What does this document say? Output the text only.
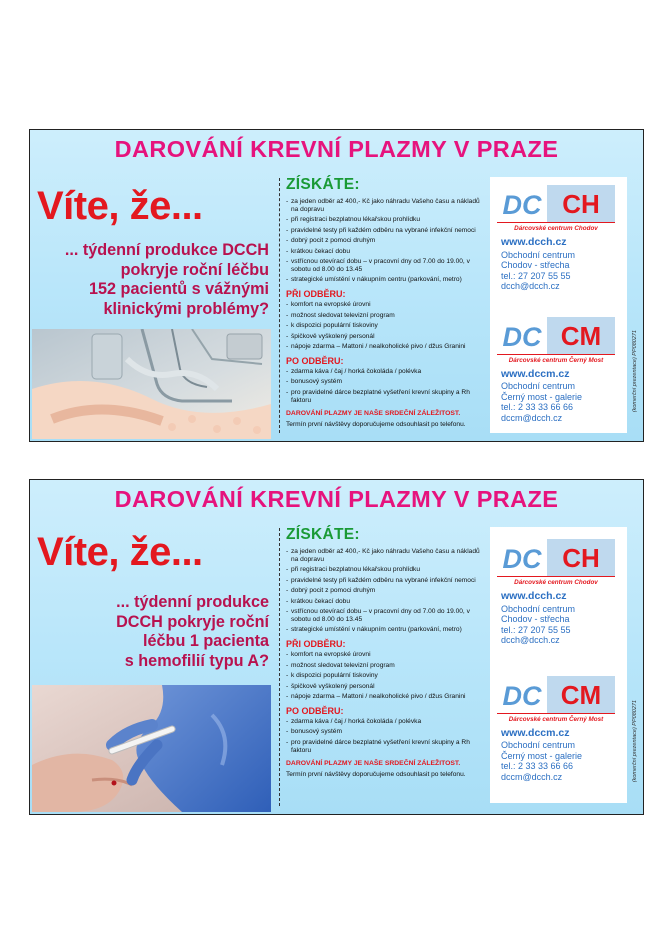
DAROVÁNÍ KREVNÍ PLAZMY V PRAZE
Víte, že...
... týdenní produkce DCCH
pokryje roční léčbu
152 pacientů s vážnými
klinickými problémy?
ZÍSKÁTE:
- za jeden odběr až 400,- Kč jako náhradu Vašeho času a nákladů na dopravu
- při registraci bezplatnou lékařskou prohlídku
- pravidelné testy při každém odběru na vybrané infekční nemoci
- dobrý pocit z pomoci druhým
- krátkou čekací dobu
- vstřícnou otevírací dobu – v pracovní dny od 7.00 do 19.00, v sobotu od 8.00 do 13.45
- strategické umístění v nákupním centru (parkování, metro)
PŘI ODBĚRU:
- komfort na evropské úrovni
- možnost sledovat televizní program
- k dispozici populární tiskoviny
- špičkově vyškolený personál
- nápoje zdarma – Mattoni / nealkoholické pivo / džus Granini
PO ODBĚRU:
- zdarma káva / čaj / horká čokoláda / polévka
- bonusový systém
- pro pravidelné dárce bezplatné vyšetření krevní skupiny a Rh faktoru
DAROVÁNÍ PLAZMY JE NAŠE SRDEČNÍ ZÁLEŽITOST.
Termín první návštěvy doporučujeme odsouhlasit po telefonu.
DC CH
Dárcovské centrum Chodov
www.dcch.cz
Obchodní centrum
Chodov - střecha
tel.: 27 207 55 55
dcch@dcch.cz
DC CM
Dárcovské centrum Černý Most
www.dccm.cz
Obchodní centrum
Černý most - galerie
tel.: 2 33 33 66 66
dccm@dcch.cz
(komerční prezentace) PP080271
DAROVÁNÍ KREVNÍ PLAZMY V PRAZE
Víte, že...
... týdenní produkce
DCCH pokryje roční
léčbu 1 pacienta
s hemofilií typu A?
ZÍSKÁTE:
- za jeden odběr až 400,- Kč jako náhradu Vašeho času a nákladů na dopravu
- při registraci bezplatnou lékařskou prohlídku
- pravidelné testy při každém odběru na vybrané infekční nemoci
- dobrý pocit z pomoci druhým
- krátkou čekací dobu
- vstřícnou otevírací dobu – v pracovní dny od 7.00 do 19.00, v sobotu od 8.00 do 13.45
- strategické umístění v nákupním centru (parkování, metro)
PŘI ODBĚRU:
- komfort na evropské úrovni
- možnost sledovat televizní program
- k dispozici populární tiskoviny
- špičkově vyškolený personál
- nápoje zdarma – Mattoni / nealkoholické pivo / džus Granini
PO ODBĚRU:
- zdarma káva / čaj / horká čokoláda / polévka
- bonusový systém
- pro pravidelné dárce bezplatné vyšetření krevní skupiny a Rh faktoru
DAROVÁNÍ PLAZMY JE NAŠE SRDEČNÍ ZÁLEŽITOST.
Termín první návštěvy doporučujeme odsouhlasit po telefonu.
DC CH
Dárcovské centrum Chodov
www.dcch.cz
Obchodní centrum
Chodov - střecha
tel.: 27 207 55 55
dcch@dcch.cz
DC CM
Dárcovské centrum Černý Most
www.dccm.cz
Obchodní centrum
Černý most - galerie
tel.: 2 33 33 66 66
dccm@dcch.cz	(komerční prezentace) PP080271
